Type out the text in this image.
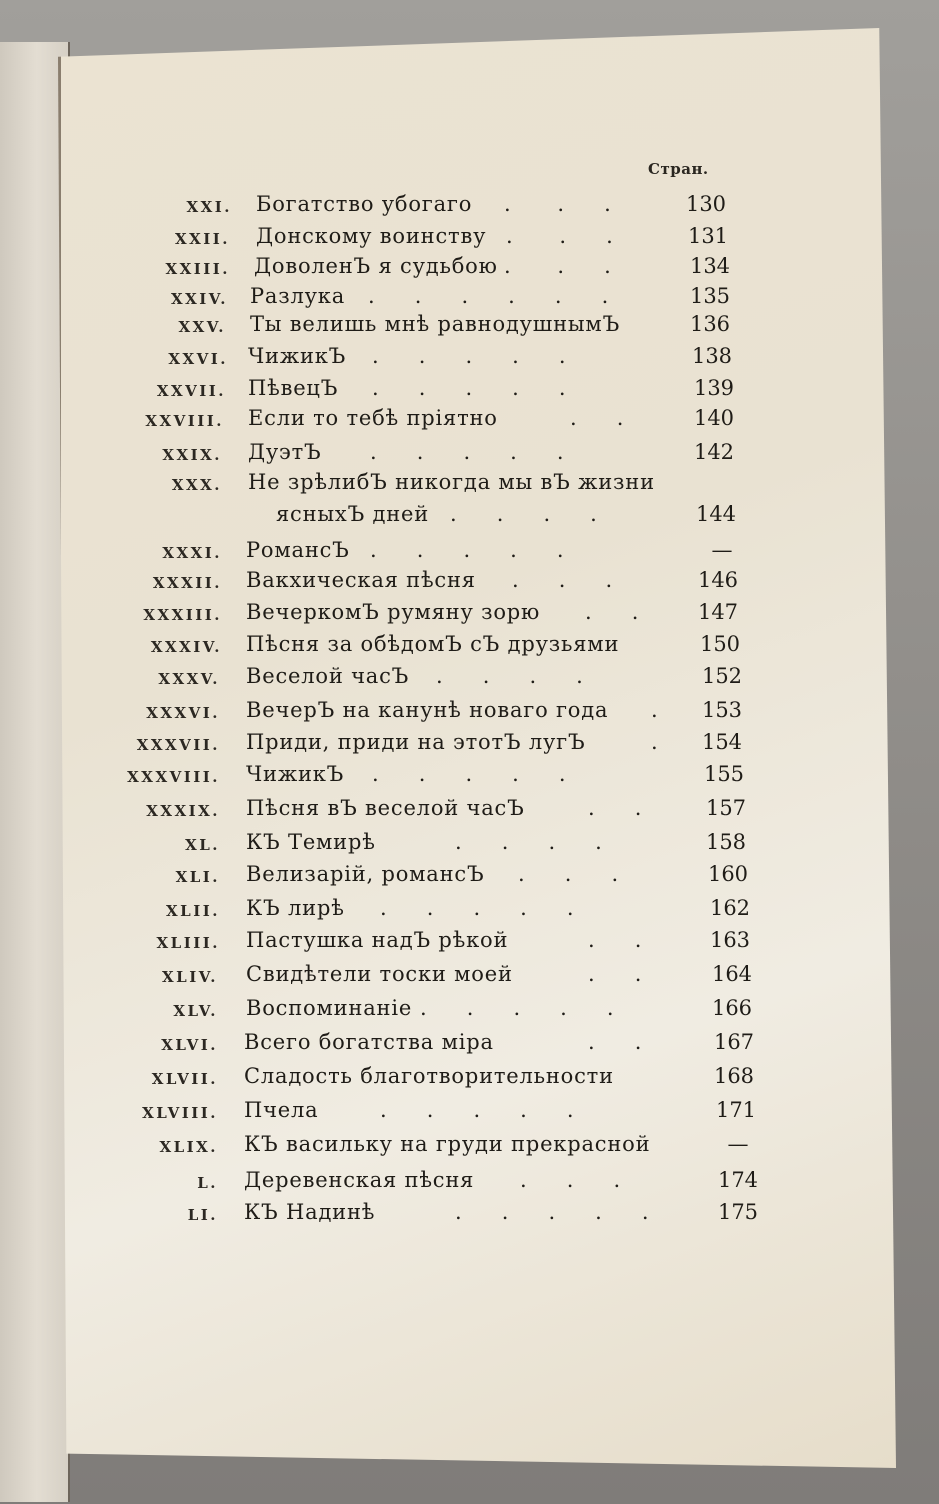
Стран.
XXI. Богатство убогаго .       .      .	130
XXII. Донскому воинству .       .      .	131
XXIII. ДоволенЪ я судьбою .       .      .	134
XXIV. Разлука .      .      .      .      .      .	135
XXV. Ты велишь мнѣ равнодушнымЪ	136
XXVI. ЧижикЪ .      .      .      .      .	138
XXVII. ПѣвецЪ .      .      .      .      .	139
XXVIII. Если то тебѣ пріятно	.      .	140
XXIX. ДуэтЪ .      .      .      .      .	142
XXX. Не зрѣлибЪ никогда мы вЪ жизни
ясныхЪ дней .      .      .      .	144
XXXI. РомансЪ .      .      .      .      .	—
XXXII. Вакхическая пѣсня .      .      .	146
XXXIII. ВечеркомЪ румяну зорю .      .	147
XXXIV. Пѣсня за обѣдомЪ сЪ друзьями	150
XXXV. Веселой часЪ .      .      .      .	152
XXXVI. ВечерЪ на канунѣ новаго года .	153
XXXVII. Приди, приди на этотЪ лугЪ	.	154
XXXVIII. ЧижикЪ .      .      .      .      .	155
XXXIX. Пѣсня вЪ веселой часЪ	.      .	157
XL. КЪ Темирѣ	.      .      .      .	158
XLI. Велизарій, романсЪ .      .      .	160
XLII. КЪ лирѣ .      .      .      .      .	162
XLIII. Пастушка надЪ рѣкой	.      .	163
XLIV. Свидѣтели тоски моей	.      .	164
XLV. Воспоминаніе .      .      .      .      .	166
XLVI. Всего богатства міра	.      .	167
XLVII. Сладость благотворительности	168
XLVIII. Пчела	.      .      .      .      .	171
XLIX. КЪ васильку на груди прекрасной	—
L. Деревенская пѣсня .      .      .	174
LI. КЪ Надинѣ	.      .      .      .      .	175
